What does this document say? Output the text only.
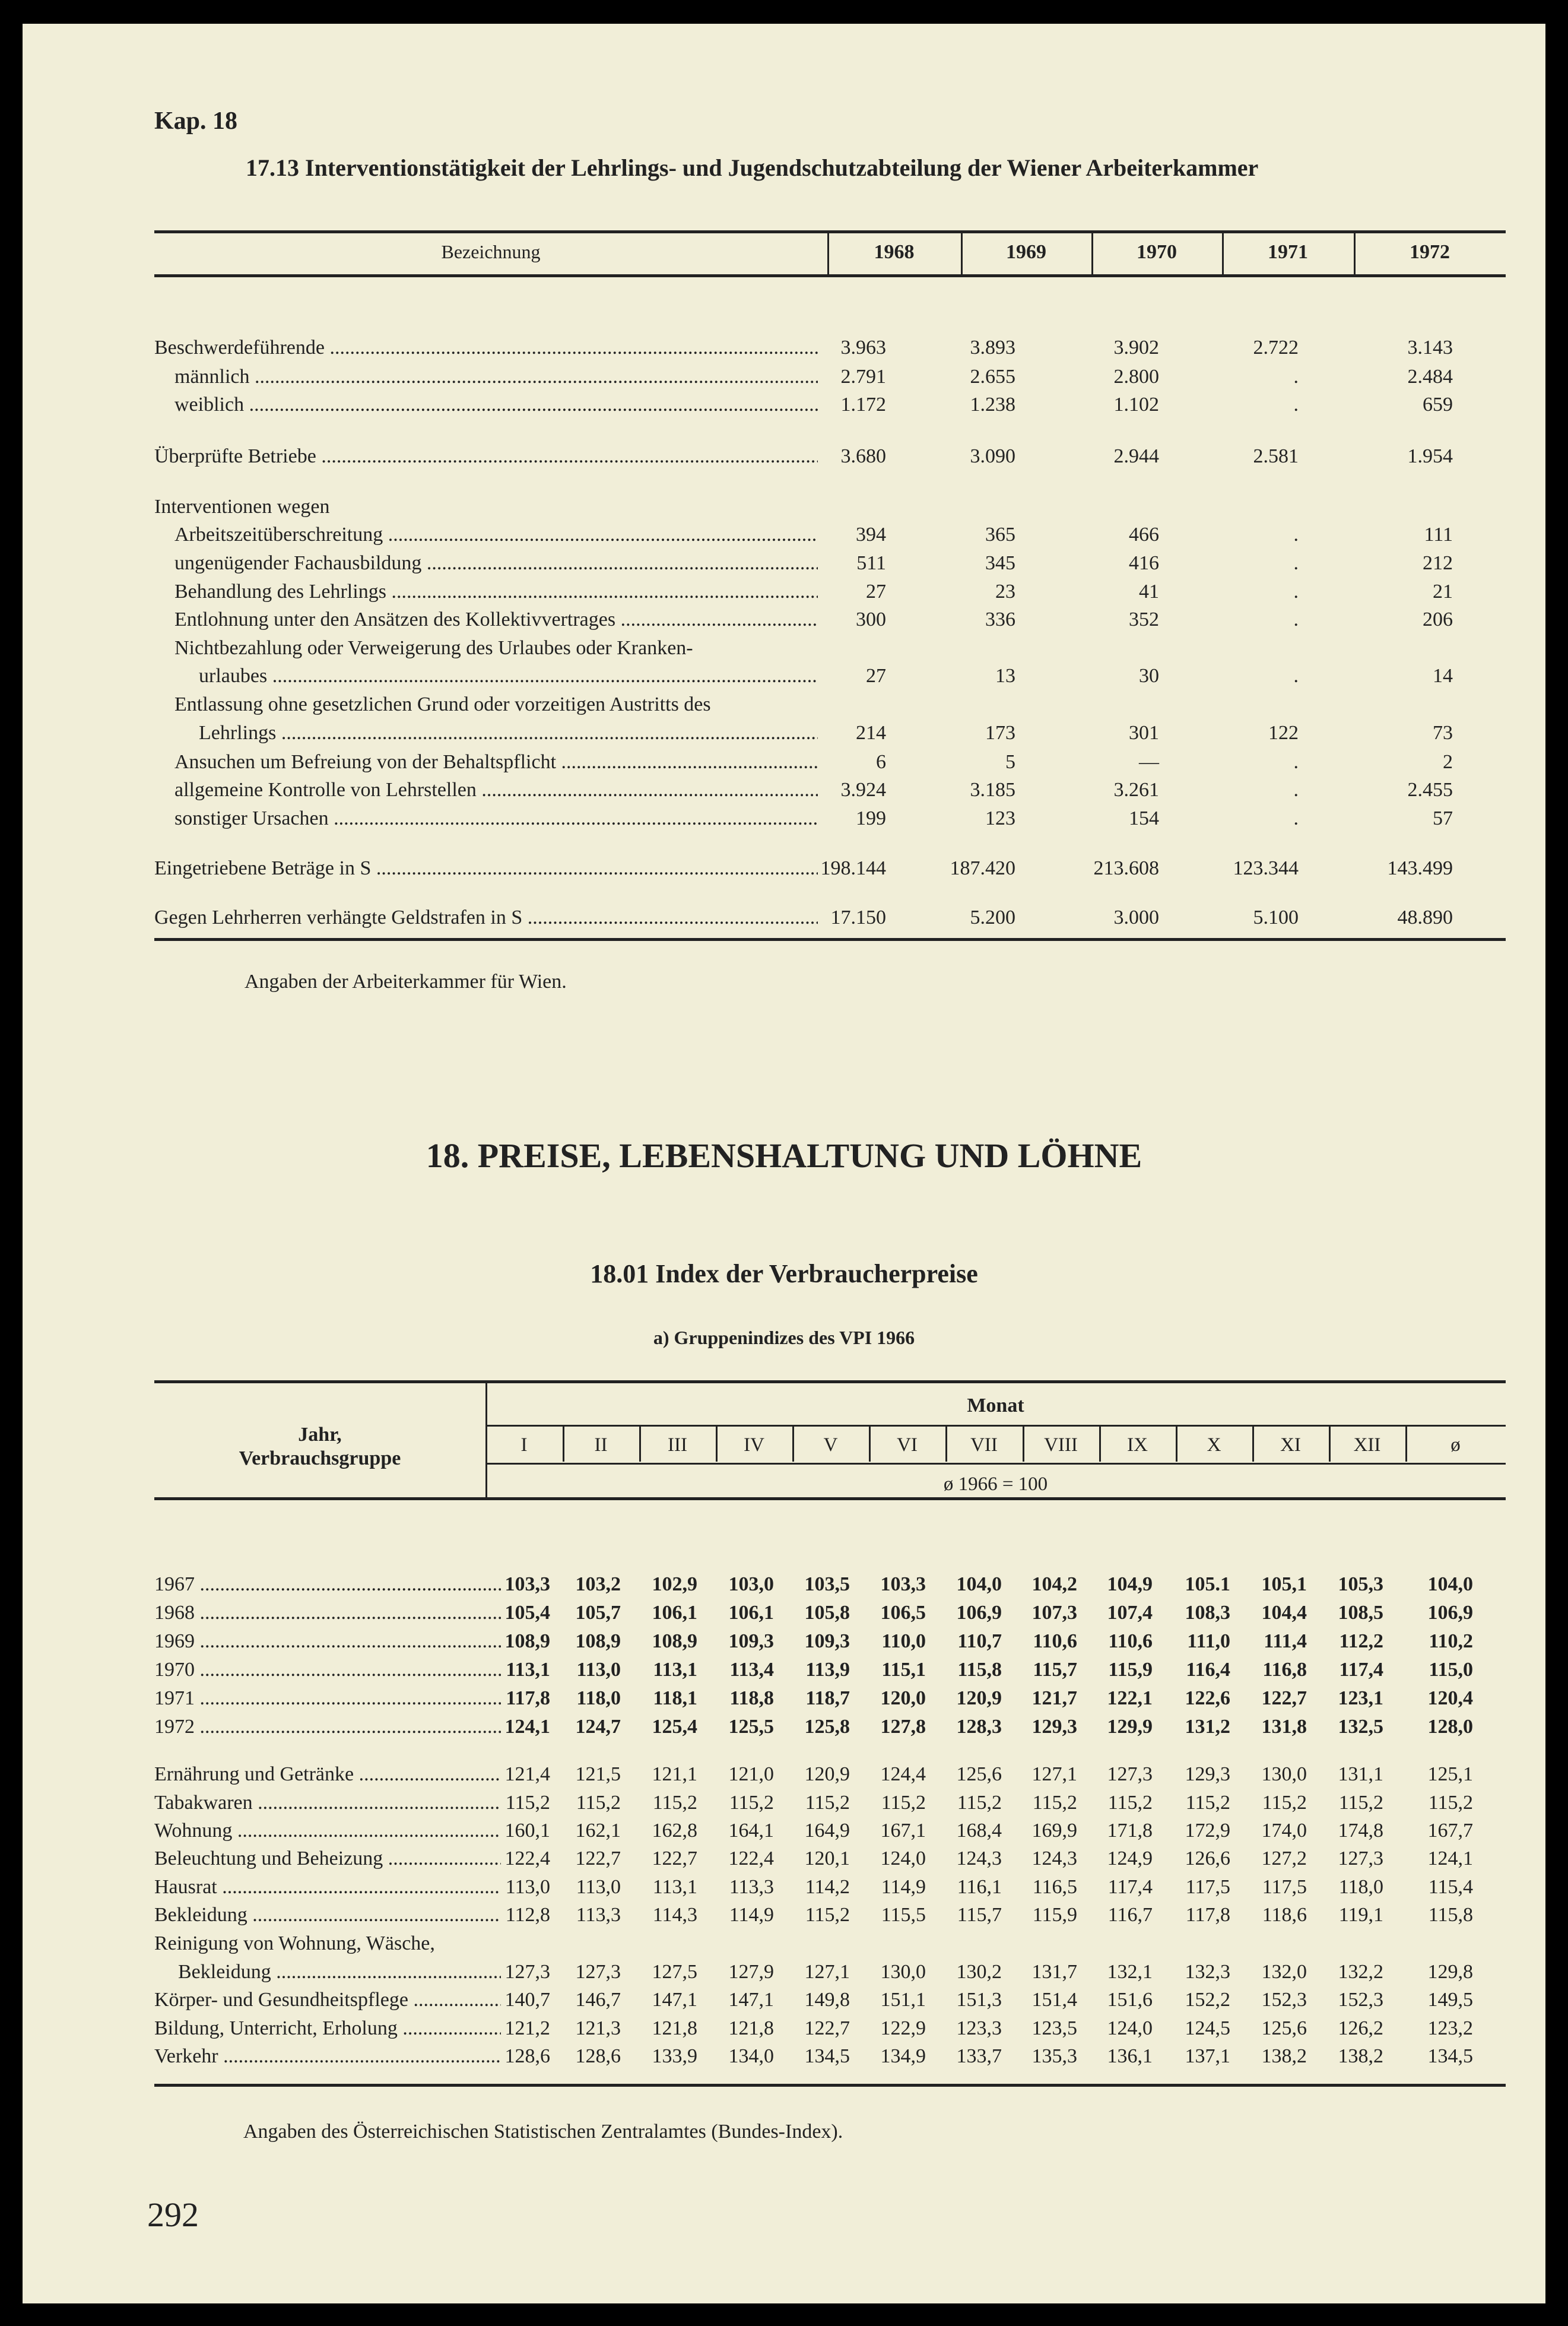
Kap. 18
17.13 Interventionstätigkeit der Lehrlings- und Jugendschutzabteilung der Wiener Arbeiterkammer
Bezeichnung	1968	1969	1970	1971	1972
Beschwerdeführende .....	3.963	3.893	3.902	2.722	3.143
männlich .....	2.791	2.655	2.800	.	2.484
weiblich .....	1.172	1.238	1.102	.	659
Überprüfte Betriebe .....	3.680	3.090	2.944	2.581	1.954
Interventionen wegen
Arbeitszeitüberschreitung .....	394	365	466	.	111
ungenügender Fachausbildung .....	511	345	416	.	212
Behandlung des Lehrlings .....	27	23	41	.	21
Entlohnung unter den Ansätzen des Kollektivvertrages .....	300	336	352	.	206
Nichtbezahlung oder Verweigerung des Urlaubes oder Kranken-
urlaubes .....	27	13	30	.	14
Entlassung ohne gesetzlichen Grund oder vorzeitigen Austritts des
Lehrlings .....	214	173	301	122	73
Ansuchen um Befreiung von der Behaltspflicht .....	6	5	—	.	2
allgemeine Kontrolle von Lehrstellen .....	3.924	3.185	3.261	.	2.455
sonstiger Ursachen .....	199	123	154	.	57
Eingetriebene Beträge in S .....	198.144	187.420	213.608	123.344	143.499
Gegen Lehrherren verhängte Geldstrafen in S .....	17.150	5.200	3.000	5.100	48.890
Angaben der Arbeiterkammer für Wien.
18. PREISE, LEBENSHALTUNG UND LÖHNE
18.01 Index der Verbraucherpreise
a) Gruppenindizes des VPI 1966
Monat
Jahr,
Verbrauchsgruppe
I	II	III	IV	V	VI	VII	VIII	IX	X	XI	XII	ø
ø 1966 = 100
1967 .....	103,3	103,2	102,9	103,0	103,5	103,3	104,0	104,2	104,9	105.1	105,1	105,3	104,0
1968 .....	105,4	105,7	106,1	106,1	105,8	106,5	106,9	107,3	107,4	108,3	104,4	108,5	106,9
1969 .....	108,9	108,9	108,9	109,3	109,3	110,0	110,7	110,6	110,6	111,0	111,4	112,2	110,2
1970 .....	113,1	113,0	113,1	113,4	113,9	115,1	115,8	115,7	115,9	116,4	116,8	117,4	115,0
1971 .....	117,8	118,0	118,1	118,8	118,7	120,0	120,9	121,7	122,1	122,6	122,7	123,1	120,4
1972 .....	124,1	124,7	125,4	125,5	125,8	127,8	128,3	129,3	129,9	131,2	131,8	132,5	128,0
Ernährung und Getränke .....	121,4	121,5	121,1	121,0	120,9	124,4	125,6	127,1	127,3	129,3	130,0	131,1	125,1
Tabakwaren .....	115,2	115,2	115,2	115,2	115,2	115,2	115,2	115,2	115,2	115,2	115,2	115,2	115,2
Wohnung .....	160,1	162,1	162,8	164,1	164,9	167,1	168,4	169,9	171,8	172,9	174,0	174,8	167,7
Beleuchtung und Beheizung .....	122,4	122,7	122,7	122,4	120,1	124,0	124,3	124,3	124,9	126,6	127,2	127,3	124,1
Hausrat .....	113,0	113,0	113,1	113,3	114,2	114,9	116,1	116,5	117,4	117,5	117,5	118,0	115,4
Bekleidung .....	112,8	113,3	114,3	114,9	115,2	115,5	115,7	115,9	116,7	117,8	118,6	119,1	115,8
Reinigung von Wohnung, Wäsche,
Bekleidung .....	127,3	127,3	127,5	127,9	127,1	130,0	130,2	131,7	132,1	132,3	132,0	132,2	129,8
Körper- und Gesundheitspflege .....	140,7	146,7	147,1	147,1	149,8	151,1	151,3	151,4	151,6	152,2	152,3	152,3	149,5
Bildung, Unterricht, Erholung .....	121,2	121,3	121,8	121,8	122,7	122,9	123,3	123,5	124,0	124,5	125,6	126,2	123,2
Verkehr .....	128,6	128,6	133,9	134,0	134,5	134,9	133,7	135,3	136,1	137,1	138,2	138,2	134,5
Angaben des Österreichischen Statistischen Zentralamtes (Bundes-Index).
292
